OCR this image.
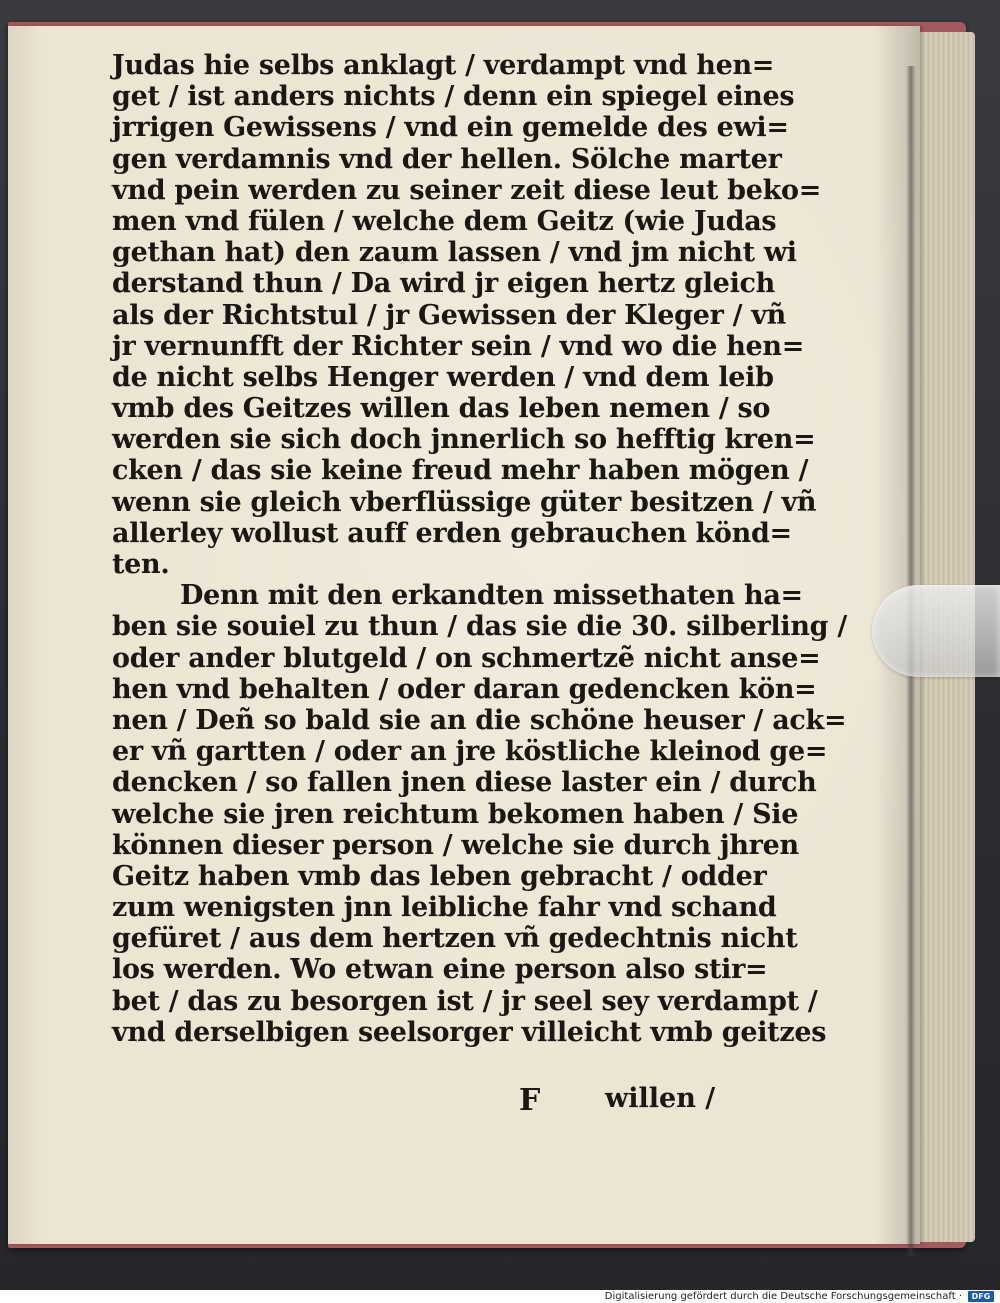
Judas hie selbs anklagt / verdampt vnd hen=
get / ist anders nichts / denn ein spiegel eines
jrrigen Gewissens / vnd ein gemelde des ewi=
gen verdamnis vnd der hellen. Sölche marter
vnd pein werden zu seiner zeit diese leut beko=
men vnd fülen / welche dem Geitz (wie Judas
gethan hat) den zaum lassen / vnd jm nicht wi
derstand thun / Da wird jr eigen hertz gleich
als der Richtstul / jr Gewissen der Kleger / vñ
jr vernunfft der Richter sein / vnd wo die hen=
de nicht selbs Henger werden / vnd dem leib
vmb des Geitzes willen das leben nemen / so
werden sie sich doch jnnerlich so hefftig kren=
cken / das sie keine freud mehr haben mögen /
wenn sie gleich vberflüssige güter besitzen / vñ
allerley wollust auff erden gebrauchen könd=
ten.
Denn mit den erkandten missethaten ha=
ben sie souiel zu thun / das sie die 30. silberling /
oder ander blutgeld / on schmertzẽ nicht anse=
hen vnd behalten / oder daran gedencken kön=
nen / Deñ so bald sie an die schöne heuser / ack=
er vñ gartten / oder an jre köstliche kleinod ge=
dencken / so fallen jnen diese laster ein / durch
welche sie jren reichtum bekomen haben / Sie
können dieser person / welche sie durch jhren
Geitz haben vmb das leben gebracht / odder
zum wenigsten jnn leibliche fahr vnd schand
gefüret / aus dem hertzen vñ gedechtnis nicht
los werden. Wo etwan eine person also stir=
bet / das zu besorgen ist / jr seel sey verdampt /
vnd derselbigen seelsorger villeicht vmb geitzes
F willen /
Digitalisierung gefördert durch die Deutsche Forschungsgemeinschaft ·	DFG
